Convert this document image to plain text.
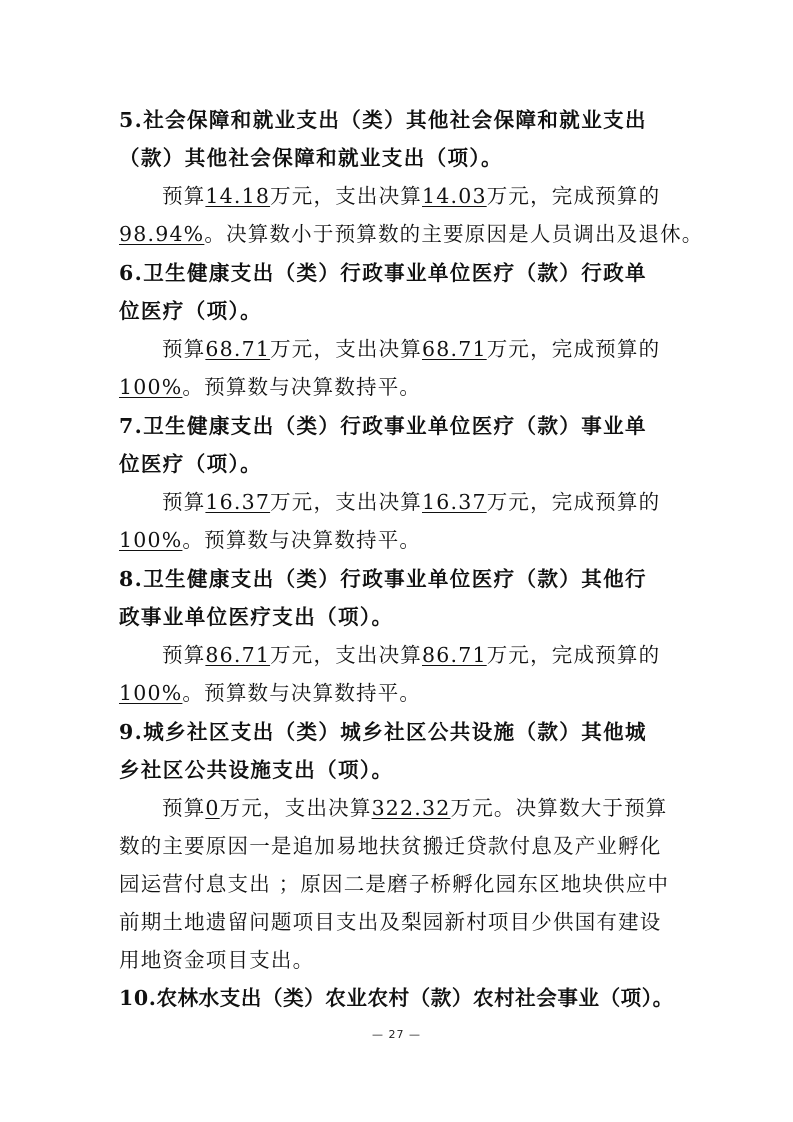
5.社会保障和就业支出（类）其他社会保障和就业支出
（款）其他社会保障和就业支出（项）。
预算14.18万元，支出决算14.03万元，完成预算的
98.94%。决算数小于预算数的主要原因是人员调出及退休。
6.卫生健康支出（类）行政事业单位医疗（款）行政单
位医疗（项）。
预算68.71万元，支出决算68.71万元，完成预算的
100%。预算数与决算数持平。
7.卫生健康支出（类）行政事业单位医疗（款）事业单
位医疗（项）。
预算16.37万元，支出决算16.37万元，完成预算的
100%。预算数与决算数持平。
8.卫生健康支出（类）行政事业单位医疗（款）其他行
政事业单位医疗支出（项）。
预算86.71万元，支出决算86.71万元，完成预算的
100%。预算数与决算数持平。
9.城乡社区支出（类）城乡社区公共设施（款）其他城
乡社区公共设施支出（项）。
预算0万元，支出决算322.32万元。决算数大于预算
数的主要原因一是追加易地扶贫搬迁贷款付息及产业孵化
园运营付息支出 ；原因二是磨子桥孵化园东区地块供应中
前期土地遗留问题项目支出及梨园新村项目少供国有建设
用地资金项目支出。
10.农林水支出（类）农业农村（款）农村社会事业（项）。
— 27 —
